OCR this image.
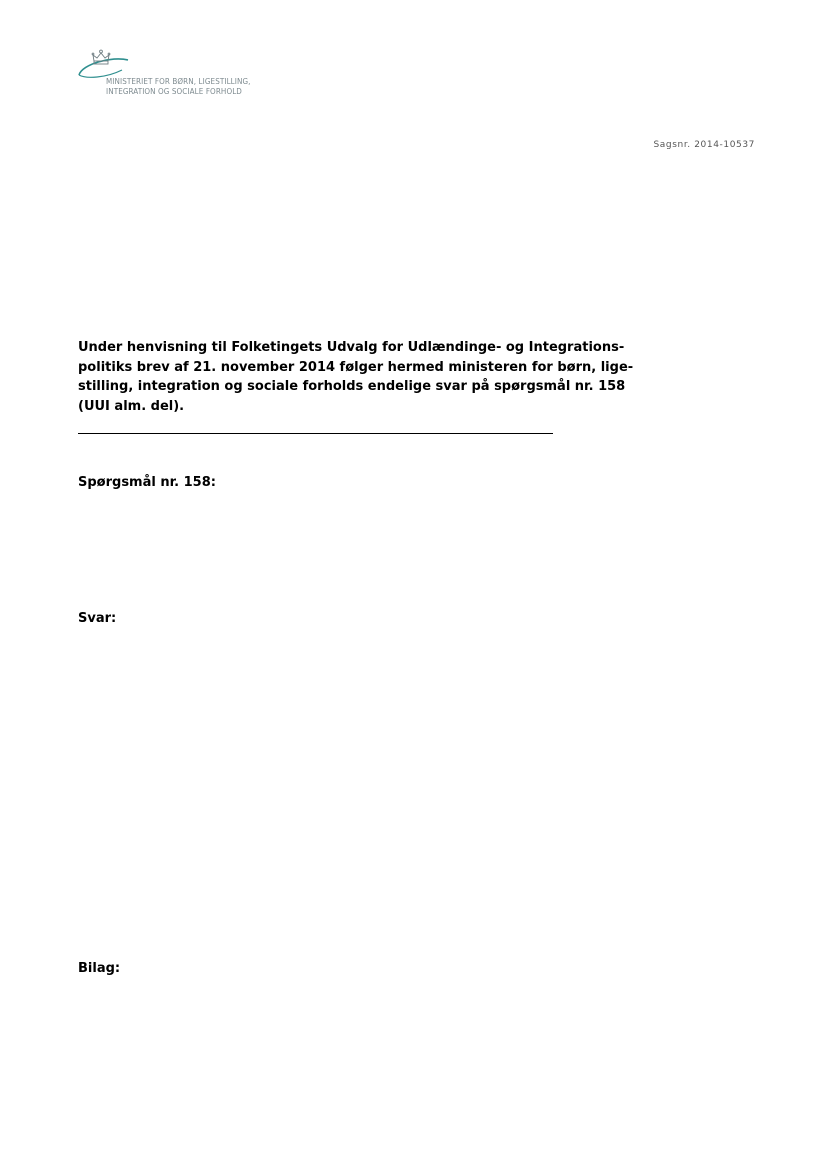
MINISTERIET FOR BØRN, LIGESTILLING,
INTEGRATION OG SOCIALE FORHOLD
Sagsnr. 2014-10537
Under henvisning til Folketingets Udvalg for Udlændinge- og Integrations-
politiks brev af 21. november 2014 følger hermed ministeren for børn, lige-
stilling, integration og sociale forholds endelige svar på spørgsmål nr. 158
(UUI alm. del).
Spørgsmål nr. 158:
Svar:
Bilag:
